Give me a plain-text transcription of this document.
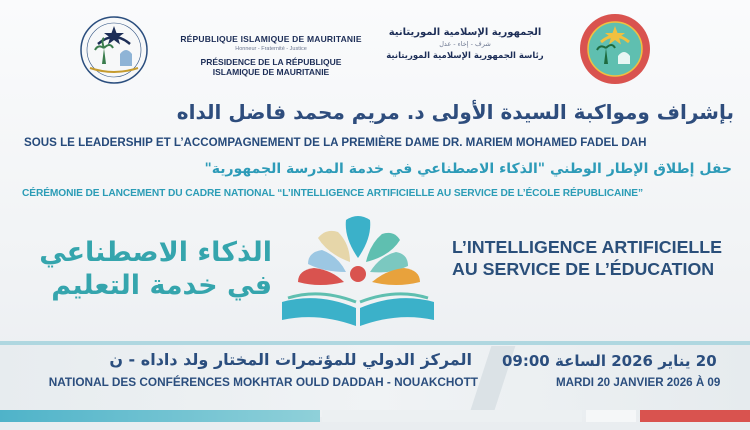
RÉPUBLIQUE ISLAMIQUE DE MAURITANIE
Honneur - Fraternité - Justice
PRÉSIDENCE DE LA RÉPUBLIQUE
ISLAMIQUE DE MAURITANIE
الجمهورية الإسلامية الموريتانية
شرف - إخاء - عدل
رئاسة الجمهورية الإسلامية الموريتانية
بإشراف ومواكبة السيدة الأولى د. مريم محمد فاضل الداه
SOUS LE LEADERSHIP ET L’ACCOMPAGNEMENT DE LA PREMIÈRE DAME DR. MARIEM MOHAMED FADEL DAH
حفل إطلاق الإطار الوطني "الذكاء الاصطناعي في خدمة المدرسة الجمهورية"
CÉRÉMONIE DE LANCEMENT DU CADRE NATIONAL “L’INTELLIGENCE ARTIFICIELLE AU SERVICE DE L’ÉCOLE RÉPUBLICAINE”
الذكاء الاصطناعي
في خدمة التعليم
L’INTELLIGENCE ARTIFICIELLE
AU SERVICE DE L’ÉDUCATION
المركز الدولي للمؤتمرات المختار ولد داداه - ن
NATIONAL DES CONFÉRENCES MOKHTAR OULD DADDAH - NOUAKCHOTT
20 يناير 2026 الساعة 09:00
MARDI 20 JANVIER 2026 À 09
